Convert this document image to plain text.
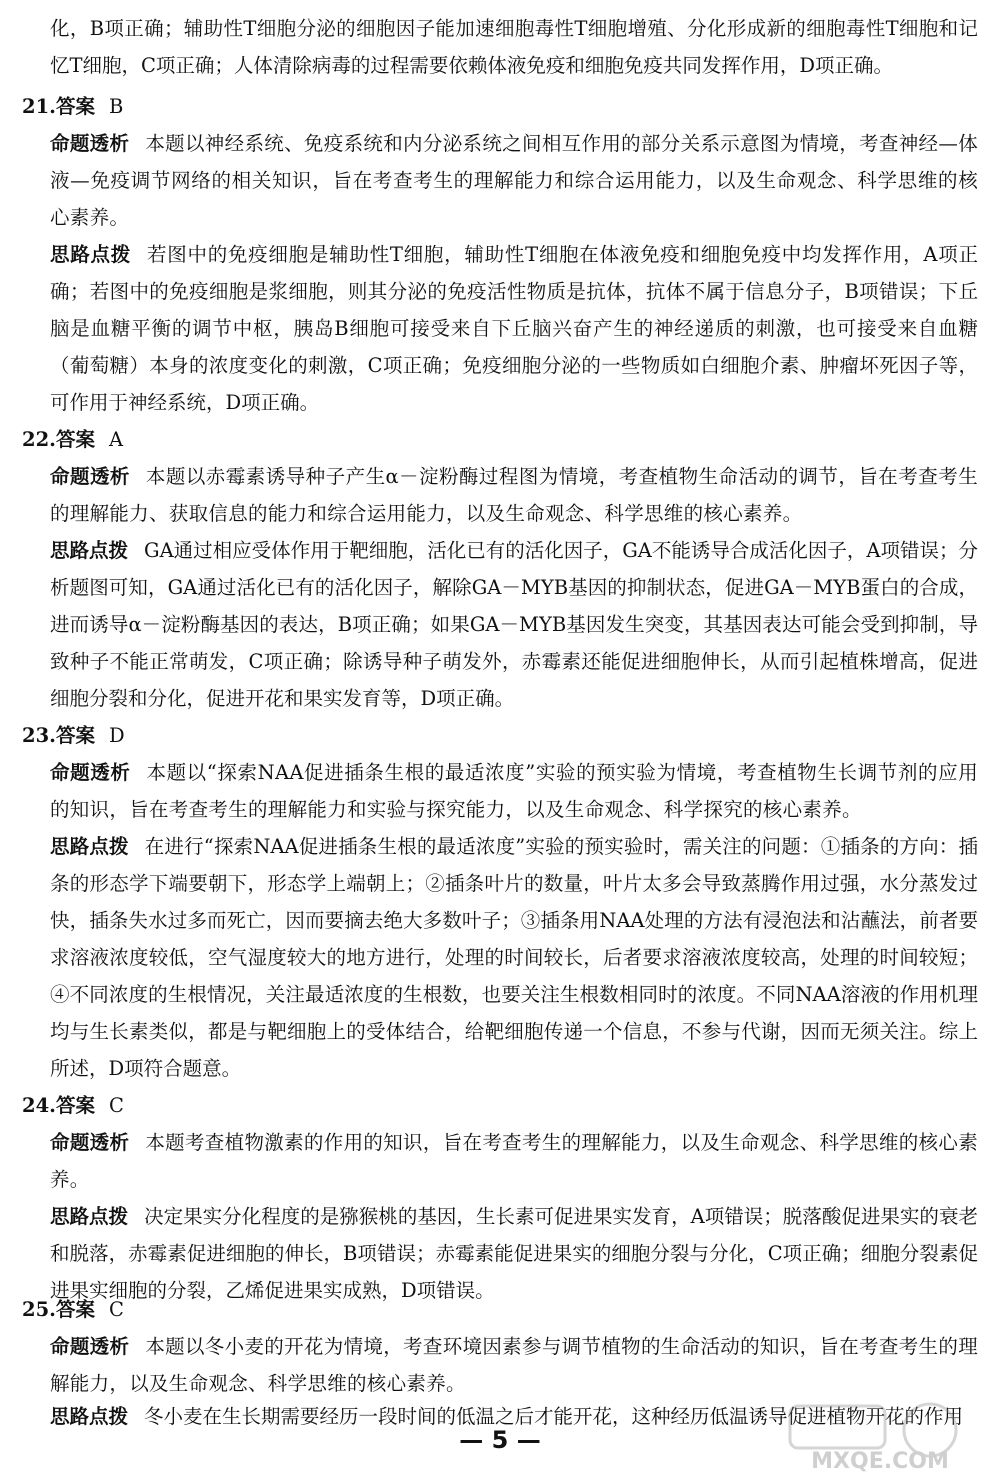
化，B项正确；辅助性T细胞分泌的细胞因子能加速细胞毒性T细胞增殖、分化形成新的细胞毒性T细胞和记忆T细胞，C项正确；人体清除病毒的过程需要依赖体液免疫和细胞免疫共同发挥作用，D项正确。

21.答案 B

命题透析 本题以神经系统、免疫系统和内分泌系统之间相互作用的部分关系示意图为情境，考查神经—体液—免疫调节网络的相关知识，旨在考查考生的理解能力和综合运用能力，以及生命观念、科学思维的核心素养。

思路点拨 若图中的免疫细胞是辅助性T细胞，辅助性T细胞在体液免疫和细胞免疫中均发挥作用，A项正确；若图中的免疫细胞是浆细胞，则其分泌的免疫活性物质是抗体，抗体不属于信息分子，B项错误；下丘脑是血糖平衡的调节中枢，胰岛B细胞可接受来自下丘脑兴奋产生的神经递质的刺激，也可接受来自血糖（葡萄糖）本身的浓度变化的刺激，C项正确；免疫细胞分泌的一些物质如白细胞介素、肿瘤坏死因子等，可作用于神经系统，D项正确。

22.答案 A

命题透析 本题以赤霉素诱导种子产生α－淀粉酶过程图为情境，考查植物生命活动的调节，旨在考查考生的理解能力、获取信息的能力和综合运用能力，以及生命观念、科学思维的核心素养。

思路点拨 GA通过相应受体作用于靶细胞，活化已有的活化因子，GA不能诱导合成活化因子，A项错误；分析题图可知，GA通过活化已有的活化因子，解除GA－MYB基因的抑制状态，促进GA－MYB蛋白的合成，进而诱导α－淀粉酶基因的表达，B项正确；如果GA－MYB基因发生突变，其基因表达可能会受到抑制，导致种子不能正常萌发，C项正确；除诱导种子萌发外，赤霉素还能促进细胞伸长，从而引起植株增高，促进细胞分裂和分化，促进开花和果实发育等，D项正确。

23.答案 D

命题透析 本题以“探索NAA促进插条生根的最适浓度”实验的预实验为情境，考查植物生长调节剂的应用的知识，旨在考查考生的理解能力和实验与探究能力，以及生命观念、科学探究的核心素养。

思路点拨 在进行“探索NAA促进插条生根的最适浓度”实验的预实验时，需关注的问题：①插条的方向：插条的形态学下端要朝下，形态学上端朝上；②插条叶片的数量，叶片太多会导致蒸腾作用过强，水分蒸发过快，插条失水过多而死亡，因而要摘去绝大多数叶子；③插条用NAA处理的方法有浸泡法和沾蘸法，前者要求溶液浓度较低，空气湿度较大的地方进行，处理的时间较长，后者要求溶液浓度较高，处理的时间较短；④不同浓度的生根情况，关注最适浓度的生根数，也要关注生根数相同时的浓度。不同NAA溶液的作用机理均与生长素类似，都是与靶细胞上的受体结合，给靶细胞传递一个信息，不参与代谢，因而无须关注。综上所述，D项符合题意。

24.答案 C

命题透析 本题考查植物激素的作用的知识，旨在考查考生的理解能力，以及生命观念、科学思维的核心素养。

思路点拨 决定果实分化程度的是猕猴桃的基因，生长素可促进果实发育，A项错误；脱落酸促进果实的衰老和脱落，赤霉素促进细胞的伸长，B项错误；赤霉素能促进果实的细胞分裂与分化，C项正确；细胞分裂素促进果实细胞的分裂，乙烯促进果实成熟，D项错误。

25.答案 C

命题透析 本题以冬小麦的开花为情境，考查环境因素参与调节植物的生命活动的知识，旨在考查考生的理解能力，以及生命观念、科学思维的核心素养。

思路点拨 冬小麦在生长期需要经历一段时间的低温之后才能开花，这种经历低温诱导促进植物开花的作用

— 5 —
MXQE.COM
